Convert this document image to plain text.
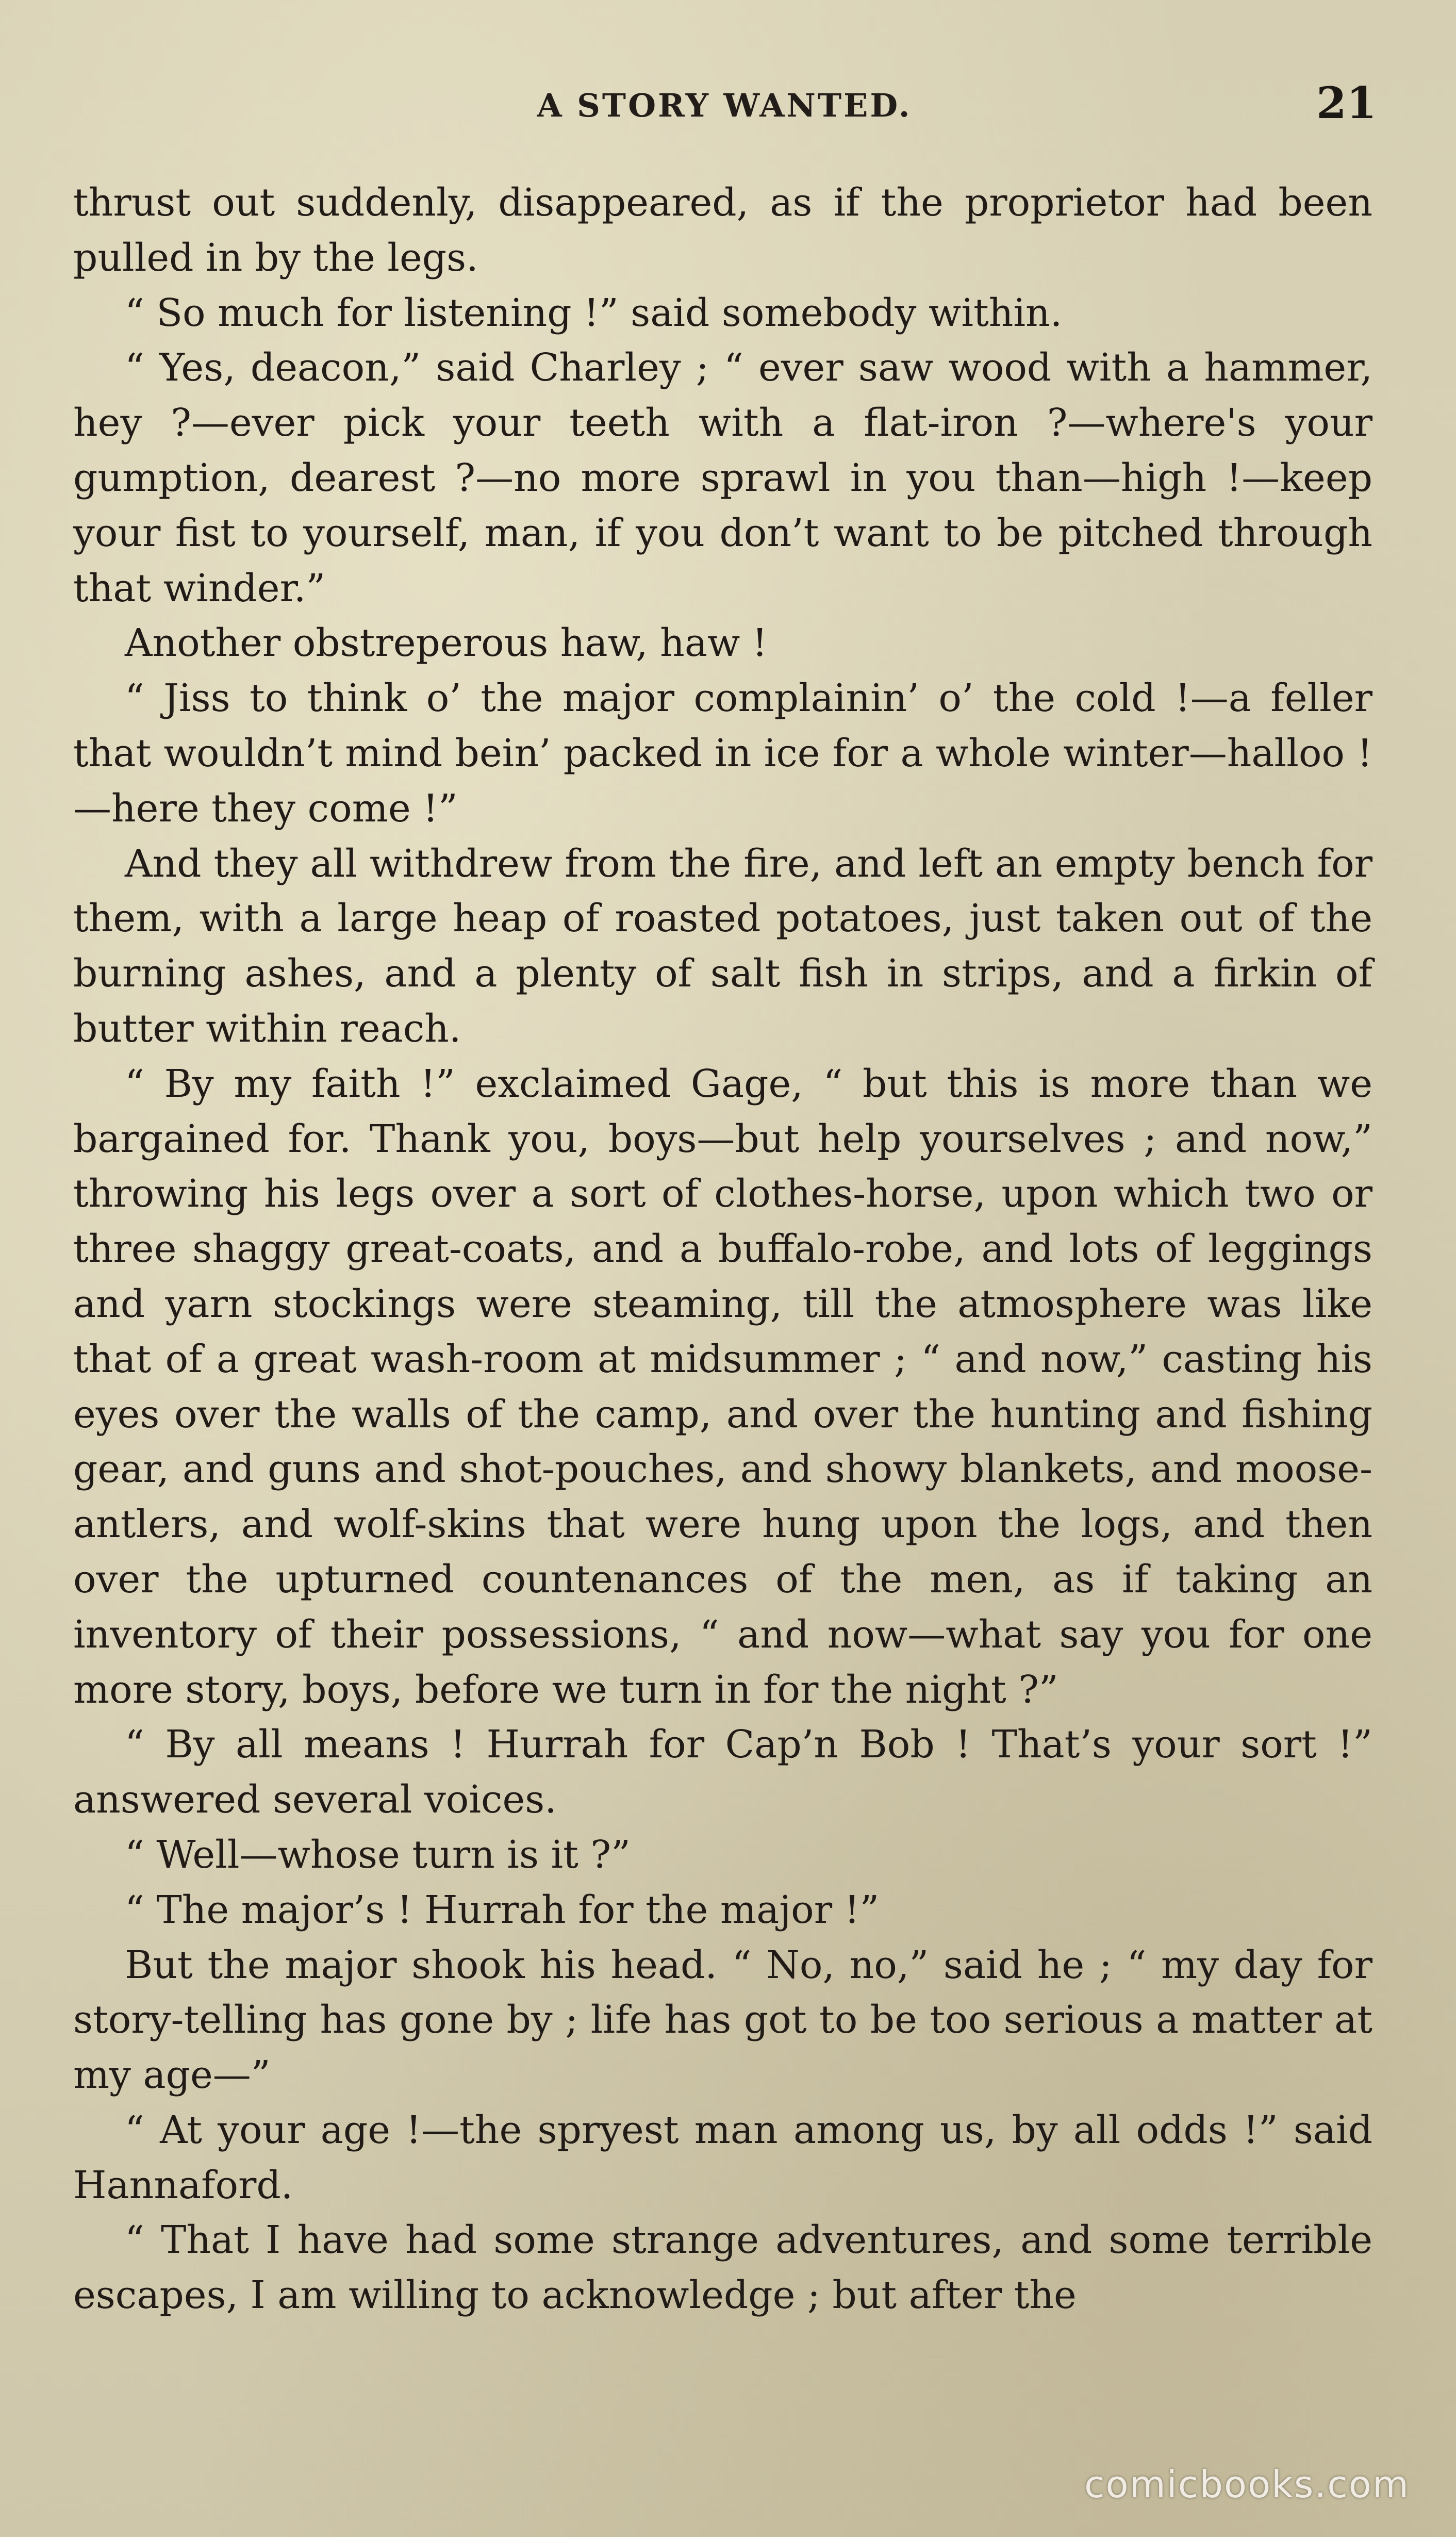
A STORY WANTED.	21

thrust out suddenly, disappeared, as if the proprietor had been pulled in by the legs.

“ So much for listening !” said somebody within.

“ Yes, deacon,” said Charley ; “ ever saw wood with a hammer, hey ?—ever pick your teeth with a flat-iron ?—where's your gumption, dearest ?—no more sprawl in you than—high !—keep your fist to yourself, man, if you don’t want to be pitched through that winder.”

Another obstreperous haw, haw !

“ Jiss to think o’ the major complainin’ o’ the cold !—a feller that wouldn’t mind bein’ packed in ice for a whole winter—halloo !—here they come !”

And they all withdrew from the fire, and left an empty bench for them, with a large heap of roasted potatoes, just taken out of the burning ashes, and a plenty of salt fish in strips, and a firkin of butter within reach.

“ By my faith !” exclaimed Gage, “ but this is more than we bargained for. Thank you, boys—but help yourselves ; and now,” throwing his legs over a sort of clothes-horse, upon which two or three shaggy great-coats, and a buffalo-robe, and lots of leggings and yarn stockings were steaming, till the atmosphere was like that of a great wash-room at midsummer ; “ and now,” casting his eyes over the walls of the camp, and over the hunting and fishing gear, and guns and shot-pouches, and showy blankets, and moose-antlers, and wolf-skins that were hung upon the logs, and then over the upturned countenances of the men, as if taking an inventory of their possessions, “ and now—what say you for one more story, boys, before we turn in for the night ?”

“ By all means ! Hurrah for Cap’n Bob ! That’s your sort !” answered several voices.

“ Well—whose turn is it ?”

“ The major’s ! Hurrah for the major !”

But the major shook his head. “ No, no,” said he ; “ my day for story-telling has gone by ; life has got to be too serious a matter at my age—”

“ At your age !—the spryest man among us, by all odds !” said Hannaford.

“ That I have had some strange adventures, and some terrible escapes, I am willing to acknowledge ; but after the

comicbooks.com
